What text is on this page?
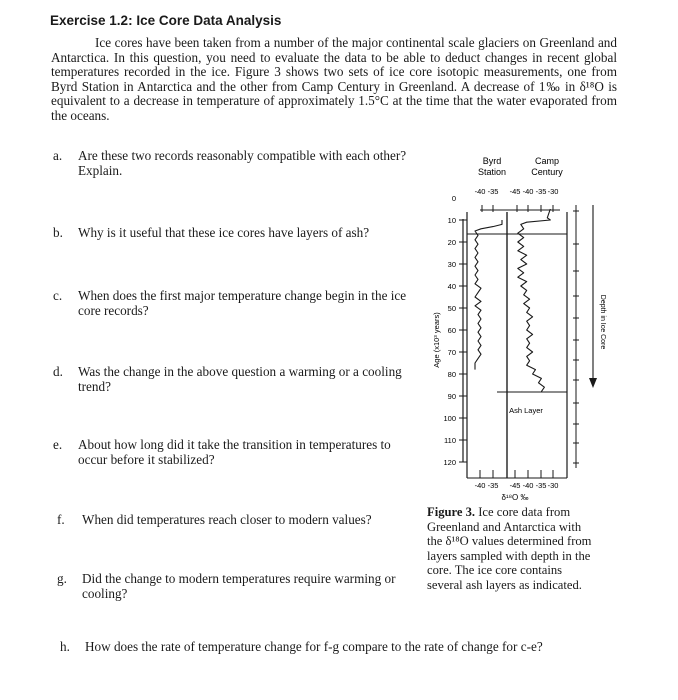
Exercise 1.2: Ice Core Data Analysis
Ice cores have been taken from a number of the major continental scale glaciers on Greenland and Antarctica. In this question, you need to evaluate the data to be able to deduct changes in recent global temperatures recorded in the ice. Figure 3 shows two sets of ice core isotopic measurements, one from Byrd Station in Antarctica and the other from Camp Century in Greenland. A decrease of 1‰ in δ¹⁸O is equivalent to a decrease in temperature of approximately 1.5°C at the time that the water evaporated from the oceans.
a. Are these two records reasonably compatible with each other? Explain.
b. Why is it useful that these ice cores have layers of ash?
c. When does the first major temperature change begin in the ice core records?
d. Was the change in the above question a warming or a cooling trend?
e. About how long did it take the transition in temperatures to occur before it stabilized?
f. When did temperatures reach closer to modern values?
g. Did the change to modern temperatures require warming or cooling?
h. How does the rate of temperature change for f-g compare to the rate of change for c-e?
Byrd
Station
Camp
Century
-40 -35 -45 -40 -35 -30
-40 -35 -45 -40 -35 -30
δ¹⁸O ‰
Age (x10³ years)	Depth in Ice Core
Ash Layer
0
10
20
30
40
50
60
70
80
90
100
110
120
Figure 3. Ice core data from Greenland and Antarctica with the δ¹⁸O values determined from layers sampled with depth in the core. The ice core contains several ash layers as indicated.
